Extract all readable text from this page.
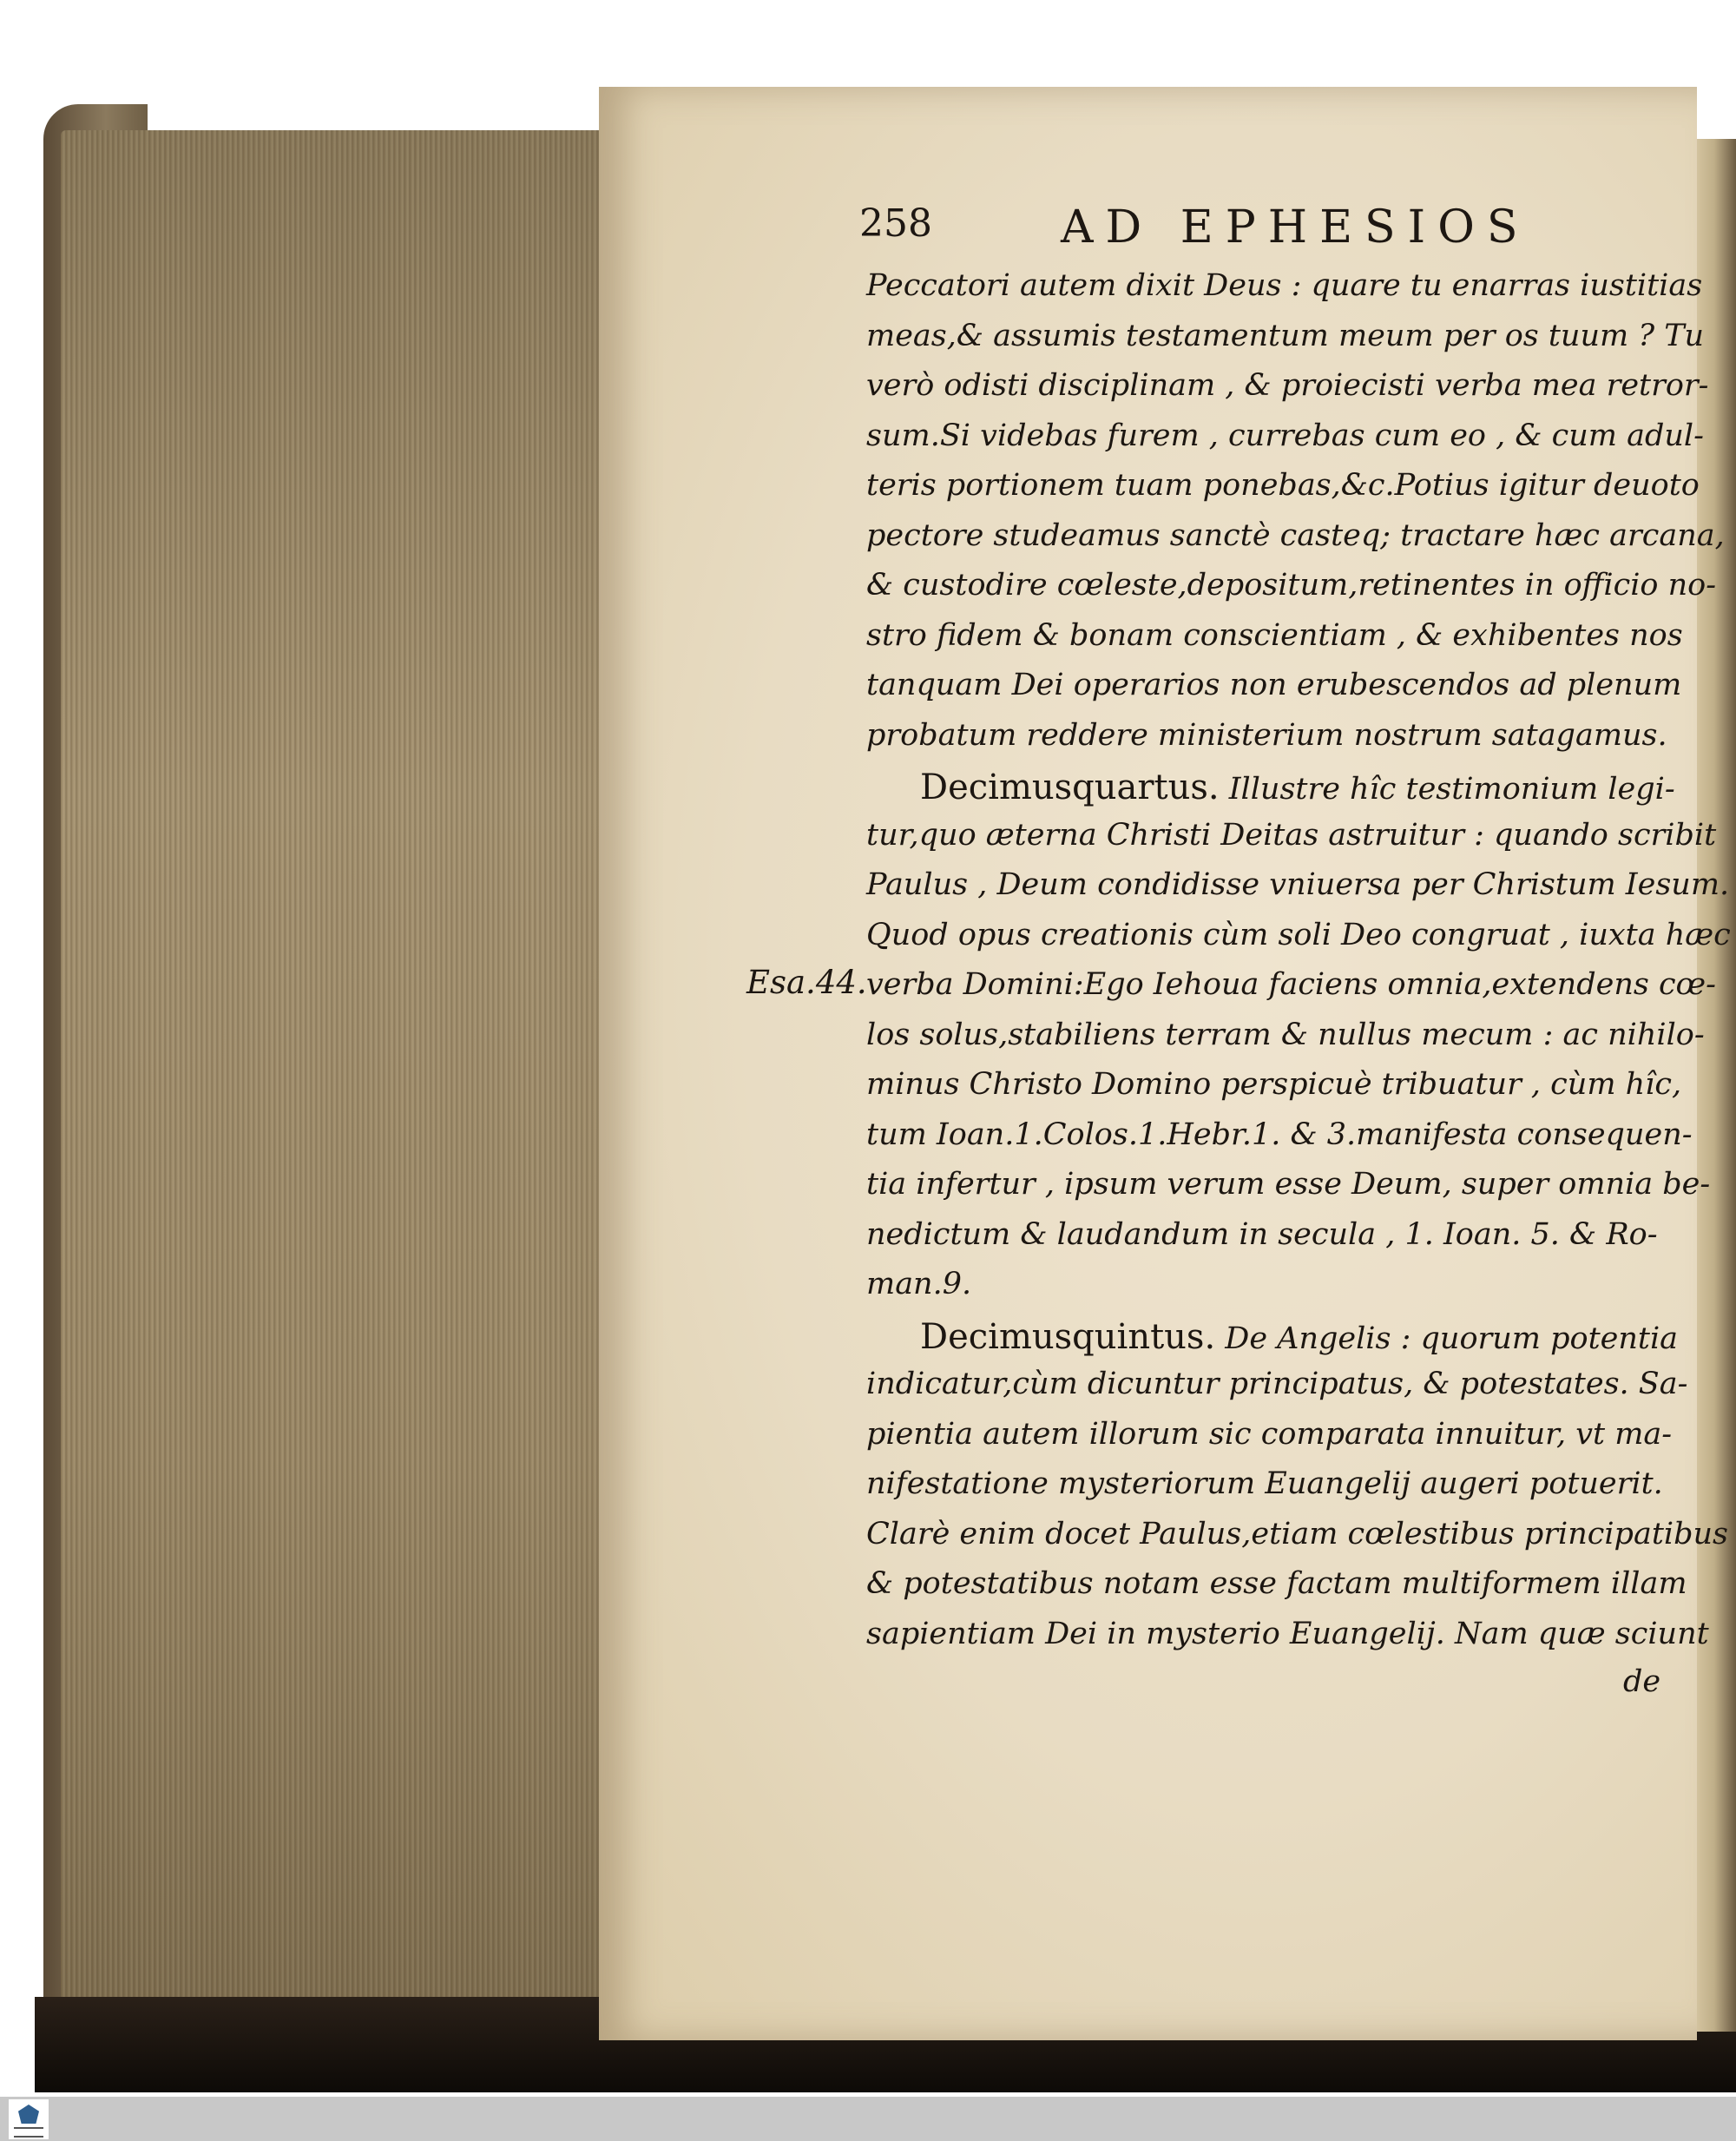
258	AD EPHESIOS
Esa.44.
Peccatori autem dixit Deus : quare tu enarras iustitias
meas,& assumis testamentum meum per os tuum ? Tu
verò odisti disciplinam , & proiecisti verba mea retror-
sum.Si videbas furem , currebas cum eo , & cum adul-
teris portionem tuam ponebas,&c.Potius igitur deuoto
pectore studeamus sanctè casteq; tractare hæc arcana,
& custodire cœleste,depositum,retinentes in officio no-
stro fidem & bonam conscientiam , & exhibentes nos
tanquam Dei operarios non erubescendos ad plenum
probatum reddere ministerium nostrum satagamus.
Decimusquartus. Illustre hîc testimonium legi-
tur,quo æterna Christi Deitas astruitur : quando scribit
Paulus , Deum condidisse vniuersa per Christum Iesum.
Quod opus creationis cùm soli Deo congruat , iuxta hæc
verba Domini:Ego Iehoua faciens omnia,extendens cœ-
los solus,stabiliens terram & nullus mecum : ac nihilo-
minus Christo Domino perspicuè tribuatur , cùm hîc,
tum Ioan.1.Colos.1.Hebr.1. & 3.manifesta consequen-
tia infertur , ipsum verum esse Deum, super omnia be-
nedictum & laudandum in secula , 1. Ioan. 5. & Ro-
man.9.
Decimusquintus. De Angelis : quorum potentia
indicatur,cùm dicuntur principatus, & potestates. Sa-
pientia autem illorum sic comparata innuitur, vt ma-
nifestatione mysteriorum Euangelij augeri potuerit.
Clarè enim docet Paulus,etiam cœlestibus principatibus
& potestatibus notam esse factam multiformem illam
sapientiam Dei in mysterio Euangelij. Nam quæ sciunt
de
